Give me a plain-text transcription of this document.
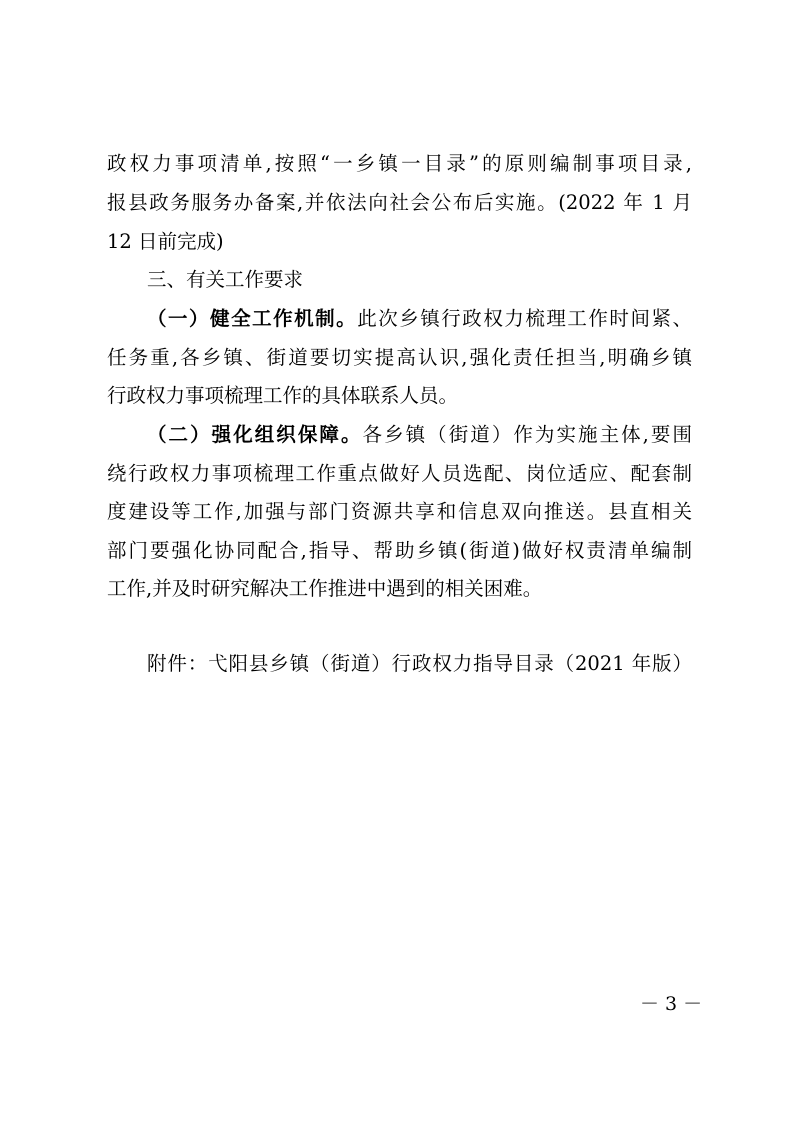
政权力事项清单,按照“一乡镇一目录”的原则编制事项目录,
报县政务服务办备案,并依法向社会公布后实施。(2022 年 1 月
12 日前完成)
三、有关工作要求
（一）健全工作机制。此次乡镇行政权力梳理工作时间紧、
任务重,各乡镇、街道要切实提高认识,强化责任担当,明确乡镇
行政权力事项梳理工作的具体联系人员。
（二）强化组织保障。各乡镇（街道）作为实施主体,要围
绕行政权力事项梳理工作重点做好人员选配、岗位适应、配套制
度建设等工作,加强与部门资源共享和信息双向推送。县直相关
部门要强化协同配合,指导、帮助乡镇(街道)做好权责清单编制
工作,并及时研究解决工作推进中遇到的相关困难。
附件：弋阳县乡镇（街道）行政权力指导目录（2021 年版）
－ 3 －
